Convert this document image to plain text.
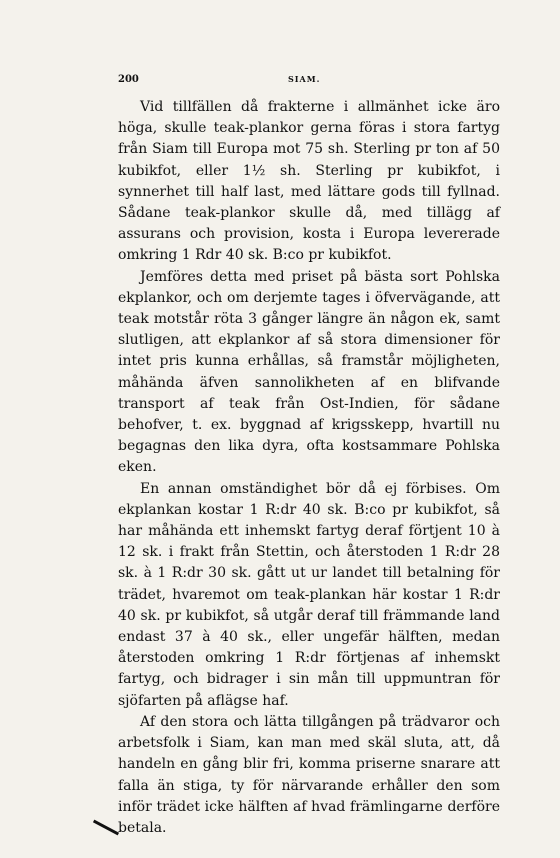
200	SIAM.

Vid tillfällen då frakterne i allmänhet icke äro höga, skulle teak-plankor gerna föras i stora fartyg från Siam till Europa mot 75 sh. Sterling pr ton af 50 kubikfot, eller 1½ sh. Sterling pr kubikfot, i synnerhet till half last, med lättare gods till fyllnad. Sådane teak-plankor skulle då, med tillägg af assurans och provision, kosta i Europa levererade omkring 1 Rdr 40 sk. B:co pr kubikfot.

Jemföres detta med priset på bästa sort Pohlska ekplankor, och om derjemte tages i öfvervägande, att teak motstår röta 3 gånger längre än någon ek, samt slutligen, att ekplankor af så stora dimensioner för intet pris kunna erhållas, så framstår möjligheten, måhända äfven sannolikheten af en blifvande transport af teak från Ost-Indien, för sådane behofver, t. ex. byggnad af krigsskepp, hvartill nu begagnas den lika dyra, ofta kostsammare Pohlska eken.

En annan omständighet bör då ej förbises. Om ekplankan kostar 1 R:dr 40 sk. B:co pr kubikfot, så har måhända ett inhemskt fartyg deraf förtjent 10 à 12 sk. i frakt från Stettin, och återstoden 1 R:dr 28 sk. à 1 R:dr 30 sk. gått ut ur landet till betalning för trädet, hvaremot om teak-plankan här kostar 1 R:dr 40 sk. pr kubikfot, så utgår deraf till främmande land endast 37 à 40 sk., eller ungefär hälften, medan återstoden omkring 1 R:dr förtjenas af inhemskt fartyg, och bidrager i sin mån till uppmuntran för sjöfarten på aflägse haf.

Af den stora och lätta tillgången på trädvaror och arbetsfolk i Siam, kan man med skäl sluta, att, då handeln en gång blir fri, komma priserne snarare att falla än stiga, ty för närvarande erhåller den som inför trädet icke hälften af hvad främlingarne derföre betala.
